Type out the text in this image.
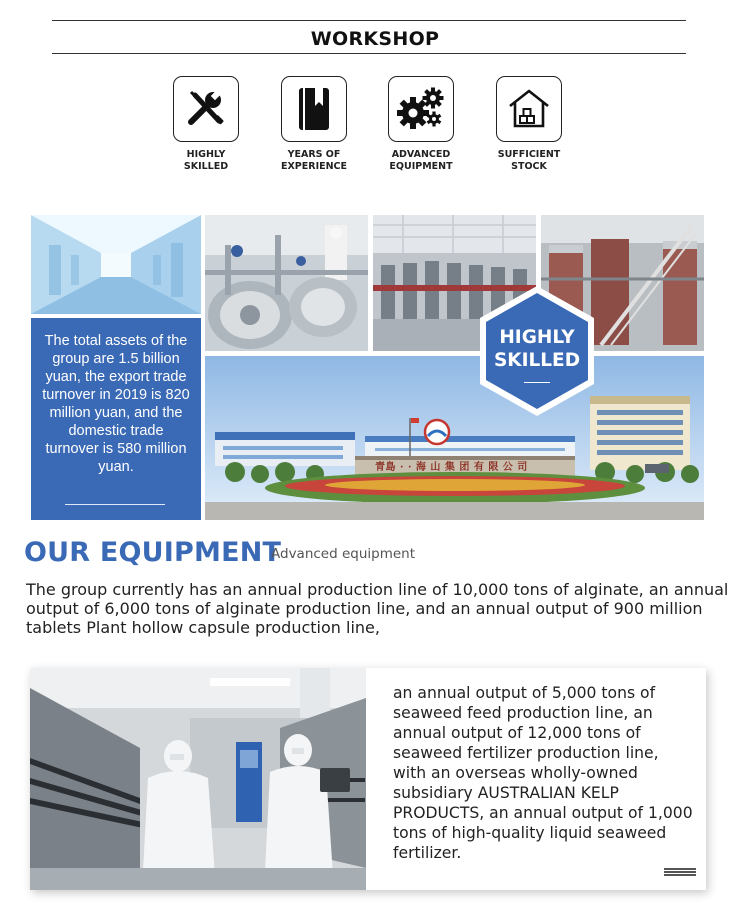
WORKSHOP
HIGHLY
SKILLED
YEARS OF
EXPERIENCE
ADVANCED
EQUIPMENT
SUFFICIENT
STOCK
The total assets of the group are 1.5 billion yuan, the export trade turnover in 2019 is 820 million yuan, and the domestic trade turnover is 580 million yuan.	青島 · · 海 山 集 团 有 限 公 司
HIGHLY
SKILLED
OUR EQUIPMENT
Advanced equipment
The group currently has an annual production line of 10,000 tons of alginate, an annual output of 6,000 tons of alginate production line, and an annual output of 900 million tablets Plant hollow capsule production line,
an annual output of 5,000 tons of seaweed feed production line, an annual output of 12,000 tons of seaweed fertilizer production line, with an overseas wholly-owned subsidiary AUSTRALIAN KELP PRODUCTS, an annual output of 1,000 tons of high-quality liquid seaweed fertilizer.
